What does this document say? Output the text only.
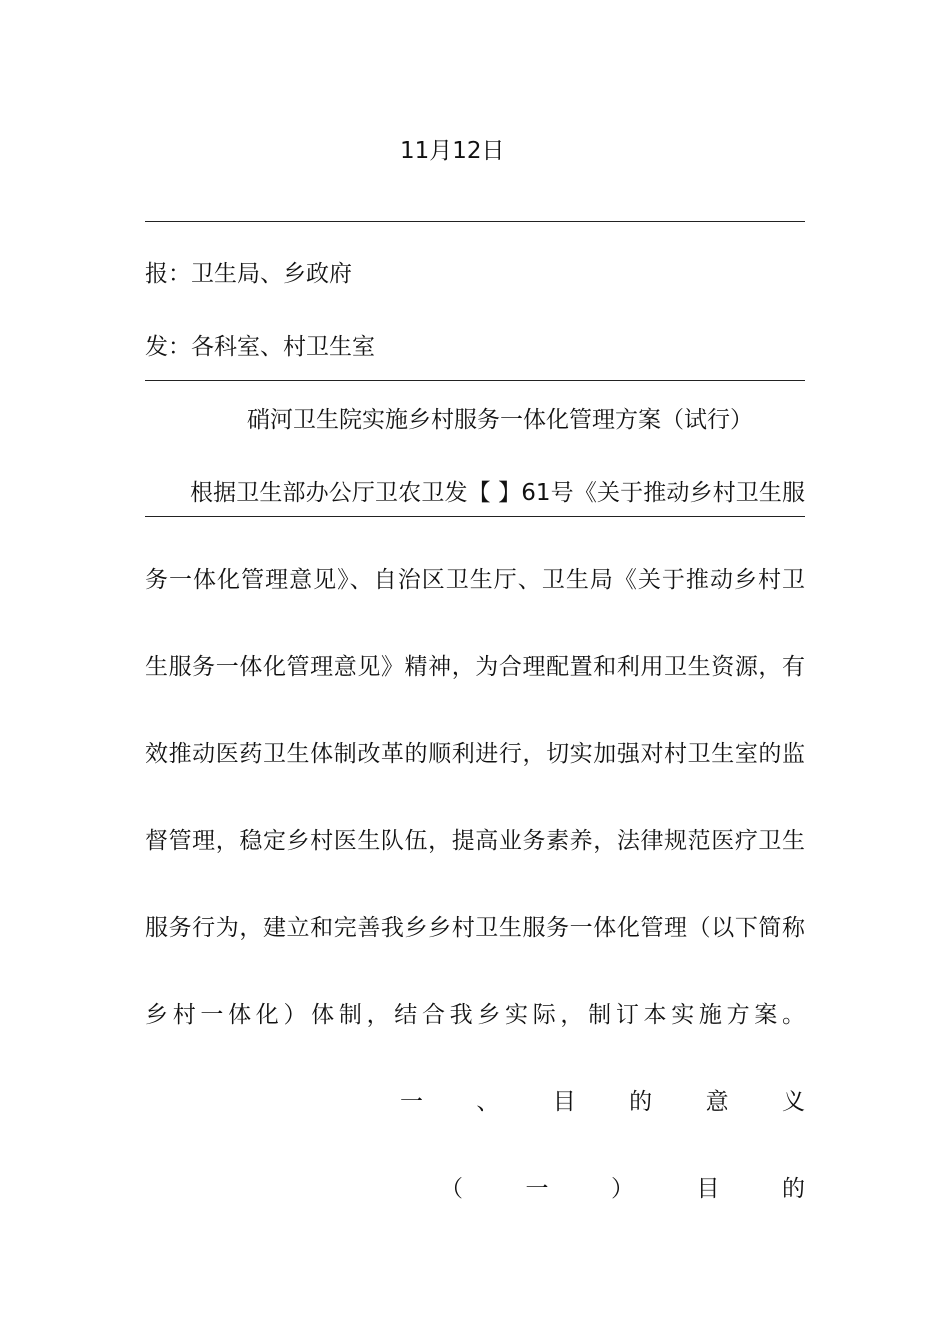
11月12日
报：卫生局、乡政府
发：各科室、村卫生室
硝河卫生院实施乡村服务一体化管理方案（试行）
根据卫生部办公厅卫农卫发【 】61号《关于推动乡村卫生服
务一体化管理意见》、自治区卫生厅、卫生局《关于推动乡村卫
生服务一体化管理意见》精神，为合理配置和利用卫生资源，有
效推动医药卫生体制改革的顺利进行，切实加强对村卫生室的监
督管理，稳定乡村医生队伍，提高业务素养，法律规范医疗卫生
服务行为，建立和完善我乡乡村卫生服务一体化管理（以下简称
乡村一体化）体制，结合我乡实际，制订本实施方案。
一 、 目 的 意 义
（	一	）	目	的
